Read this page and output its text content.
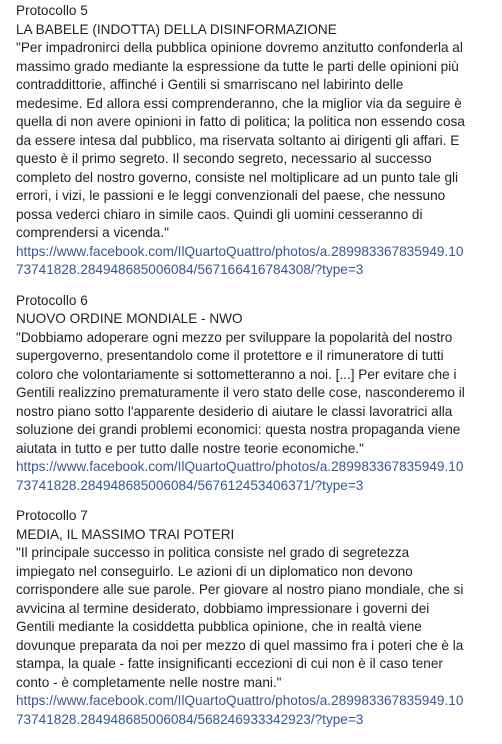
Protocollo 5
LA BABELE (INDOTTA) DELLA DISINFORMAZIONE
"Per impadronirci della pubblica opinione dovremo anzitutto confonderla al
massimo grado mediante la espressione da tutte le parti delle opinioni più
contraddittorie, affinché i Gentili si smarriscano nel labirinto delle
medesime. Ed allora essi comprenderanno, che la miglior via da seguire è
quella di non avere opinioni in fatto di politica; la politica non essendo cosa
da essere intesa dal pubblico, ma riservata soltanto ai dirigenti gli affari. E
questo è il primo segreto. Il secondo segreto, necessario al successo
completo del nostro governo, consiste nel moltiplicare ad un punto tale gli
errori, i vizi, le passioni e le leggi convenzionali del paese, che nessuno
possa vederci chiaro in simile caos. Quindi gli uomini cesseranno di
comprendersi a vicenda."
https://www.facebook.com/IlQuartoQuattro/photos/a.289983367835949.10
73741828.284948685006084/567166416784308/?type=3
Protocollo 6
NUOVO ORDINE MONDIALE - NWO
"Dobbiamo adoperare ogni mezzo per sviluppare la popolarità del nostro
supergoverno, presentandolo come il protettore e il rimuneratore di tutti
coloro che volontariamente si sottometteranno a noi. [...] Per evitare che i
Gentili realizzino prematuramente il vero stato delle cose, nasconderemo il
nostro piano sotto l'apparente desiderio di aiutare le classi lavoratrici alla
soluzione dei grandi problemi economici: questa nostra propaganda viene
aiutata in tutto e per tutto dalle nostre teorie economiche."
https://www.facebook.com/IlQuartoQuattro/photos/a.289983367835949.10
73741828.284948685006084/567612453406371/?type=3
Protocollo 7
MEDIA, IL MASSIMO TRAI POTERI
"Il principale successo in politica consiste nel grado di segretezza
impiegato nel conseguirlo. Le azioni di un diplomatico non devono
corrispondere alle sue parole. Per giovare al nostro piano mondiale, che si
avvicina al termine desiderato, dobbiamo impressionare i governi dei
Gentili mediante la cosiddetta pubblica opinione, che in realtà viene
dovunque preparata da noi per mezzo di quel massimo fra i poteri che è la
stampa, la quale - fatte insignificanti eccezioni di cui non è il caso tener
conto - è completamente nelle nostre mani."
https://www.facebook.com/IlQuartoQuattro/photos/a.289983367835949.10
73741828.284948685006084/568246933342923/?type=3
